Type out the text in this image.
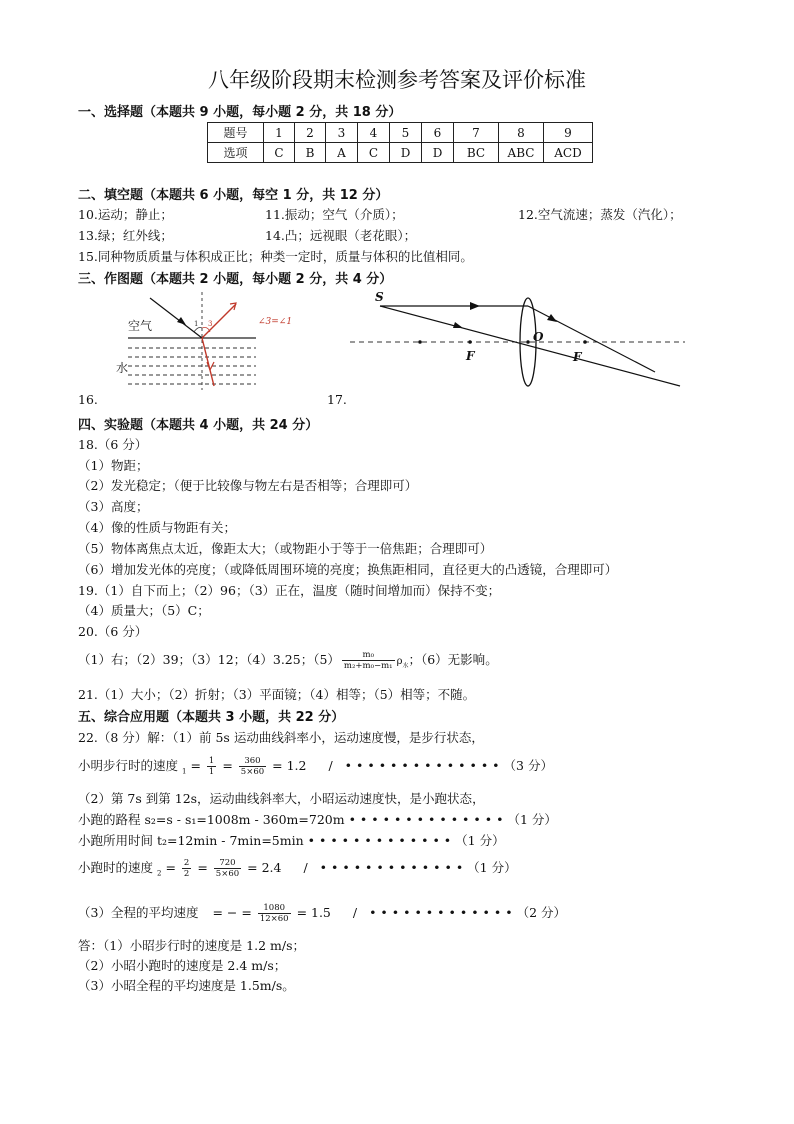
八年级阶段期末检测参考答案及评价标准
一、选择题（本题共 9 小题，每小题 2 分，共 18 分）
题号	1	2	3	4	5	6	7	8	9
选项	C	B	A	C	D	D	BC	ABC	ACD
二、填空题（本题共 6 小题，每空 1 分，共 12 分）
10.运动；静止；	11.振动；空气（介质）；	12.空气流速；蒸发（汽化）；
13.绿；红外线；	14.凸；远视眼（老花眼）；
15.同种物质质量与体积成正比；种类一定时，质量与体积的比值相同。
三、作图题（本题共 2 小题，每小题 2 分，共 4 分）
1 3	∠3=∠1
空气
水
16.	17.
S
O
F	F
四、实验题（本题共 4 小题，共 24 分）
18.（6 分）
（1）物距；
（2）发光稳定；（便于比较像与物左右是否相等；合理即可）
（3）高度；
（4）像的性质与物距有关；
（5）物体离焦点太近，像距太大；（或物距小于等于一倍焦距；合理即可）
（6）增加发光体的亮度；（或降低周围环境的亮度；换焦距相同，直径更大的凸透镜，合理即可）
19.（1）自下而上；（2）96；（3）正在，温度（随时间增加而）保持不变；
（4）质量大；（5）C；
20.（6 分）
（1）右；（2）39；（3）12；（4）3.25；$(5) \frac{\text{m₀}}{\text{m₂+m₀−m₁}} \rho_水$；（6）无影响。
21.（1）大小；（2）折射；（3）平面镜；（4）相等；（5）相等；不随。
五、综合应用题（本题共 3 小题，共 22 分）
22.（8 分）解：（1）前 5s 运动曲线斜率小，运动速度慢，是步行状态，
小明步行时的速度 $_1 = \frac{1}{1} = \frac{360}{5\times 60} = 1.2$ / • • • • • • • • • • • • • • （3 分）
（2）第 7s 到第 12s，运动曲线斜率大，小昭运动速度快，是小跑状态，
小跑的路程 s₂=s - s₁=1008m - 360m=720m • • • • • • • • • • • • • • （1 分）
小跑所用时间 t₂=12min - 7min=5min • • • • • • • • • • • • • （1 分）
小跑时的速度 $_2 = \frac{2}{2} = \frac{720}{5\times 60} = 2.4$ / • • • • • • • • • • • • • （1 分）
（3）全程的平均速度 = − = $\frac{1080}{12\times 60} = 1.5$ / • • • • • • • • • • • • • （2 分）
答：（1）小昭步行时的速度是 1.2 m/s；
（2）小昭小跑时的速度是 2.4 m/s；
（3）小昭全程的平均速度是 1.5m/s。
